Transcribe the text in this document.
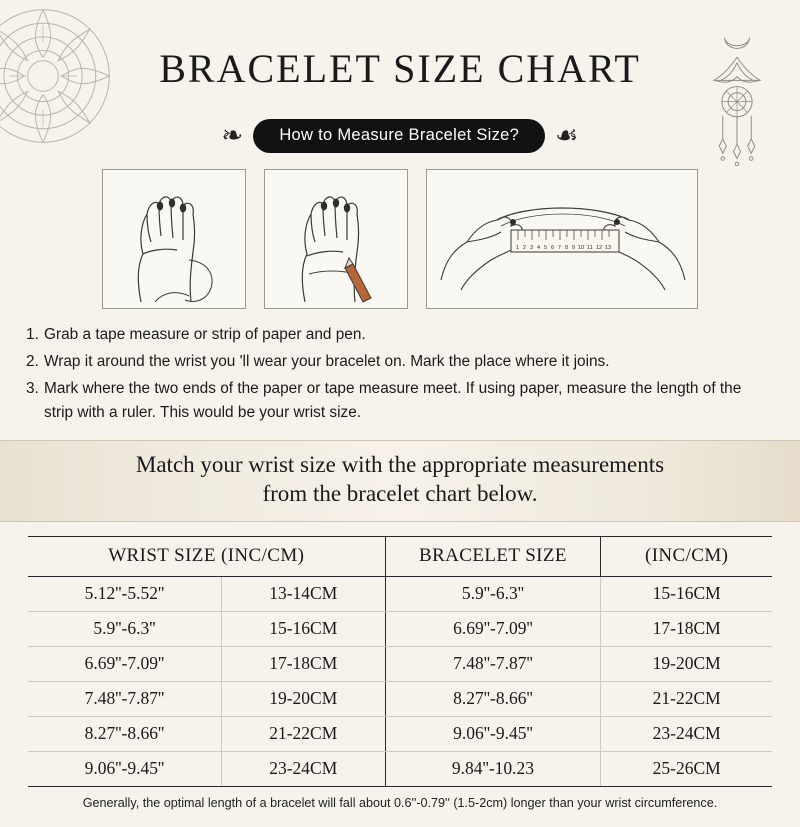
BRACELET SIZE CHART
❧	How to Measure Bracelet Size?	☙
1 2 3 4 5 6 7 8 9 10 11 12 13
1. Grab a tape measure or strip of paper and pen.
2. Wrap it around the wrist you 'll wear your bracelet on. Mark the place where it joins.
3. Mark where the two ends of the paper or tape measure meet. If using paper, measure the length of the strip with a ruler. This would be your wrist size.
Match your wrist size with the appropriate measurements
from the bracelet chart below.
WRIST SIZE (INC/CM)		BRACELET SIZE	(INC/CM)
5.12''-5.52''	13-14CM	5.9''-6.3''	15-16CM
5.9''-6.3''	15-16CM	6.69''-7.09''	17-18CM
6.69''-7.09''	17-18CM	7.48''-7.87''	19-20CM
7.48''-7.87''	19-20CM	8.27''-8.66''	21-22CM
8.27''-8.66''	21-22CM	9.06''-9.45''	23-24CM
9.06''-9.45''	23-24CM	9.84''-10.23	25-26CM
Generally, the optimal length of a bracelet will fall about 0.6''-0.79'' (1.5-2cm) longer than your wrist circumference.
